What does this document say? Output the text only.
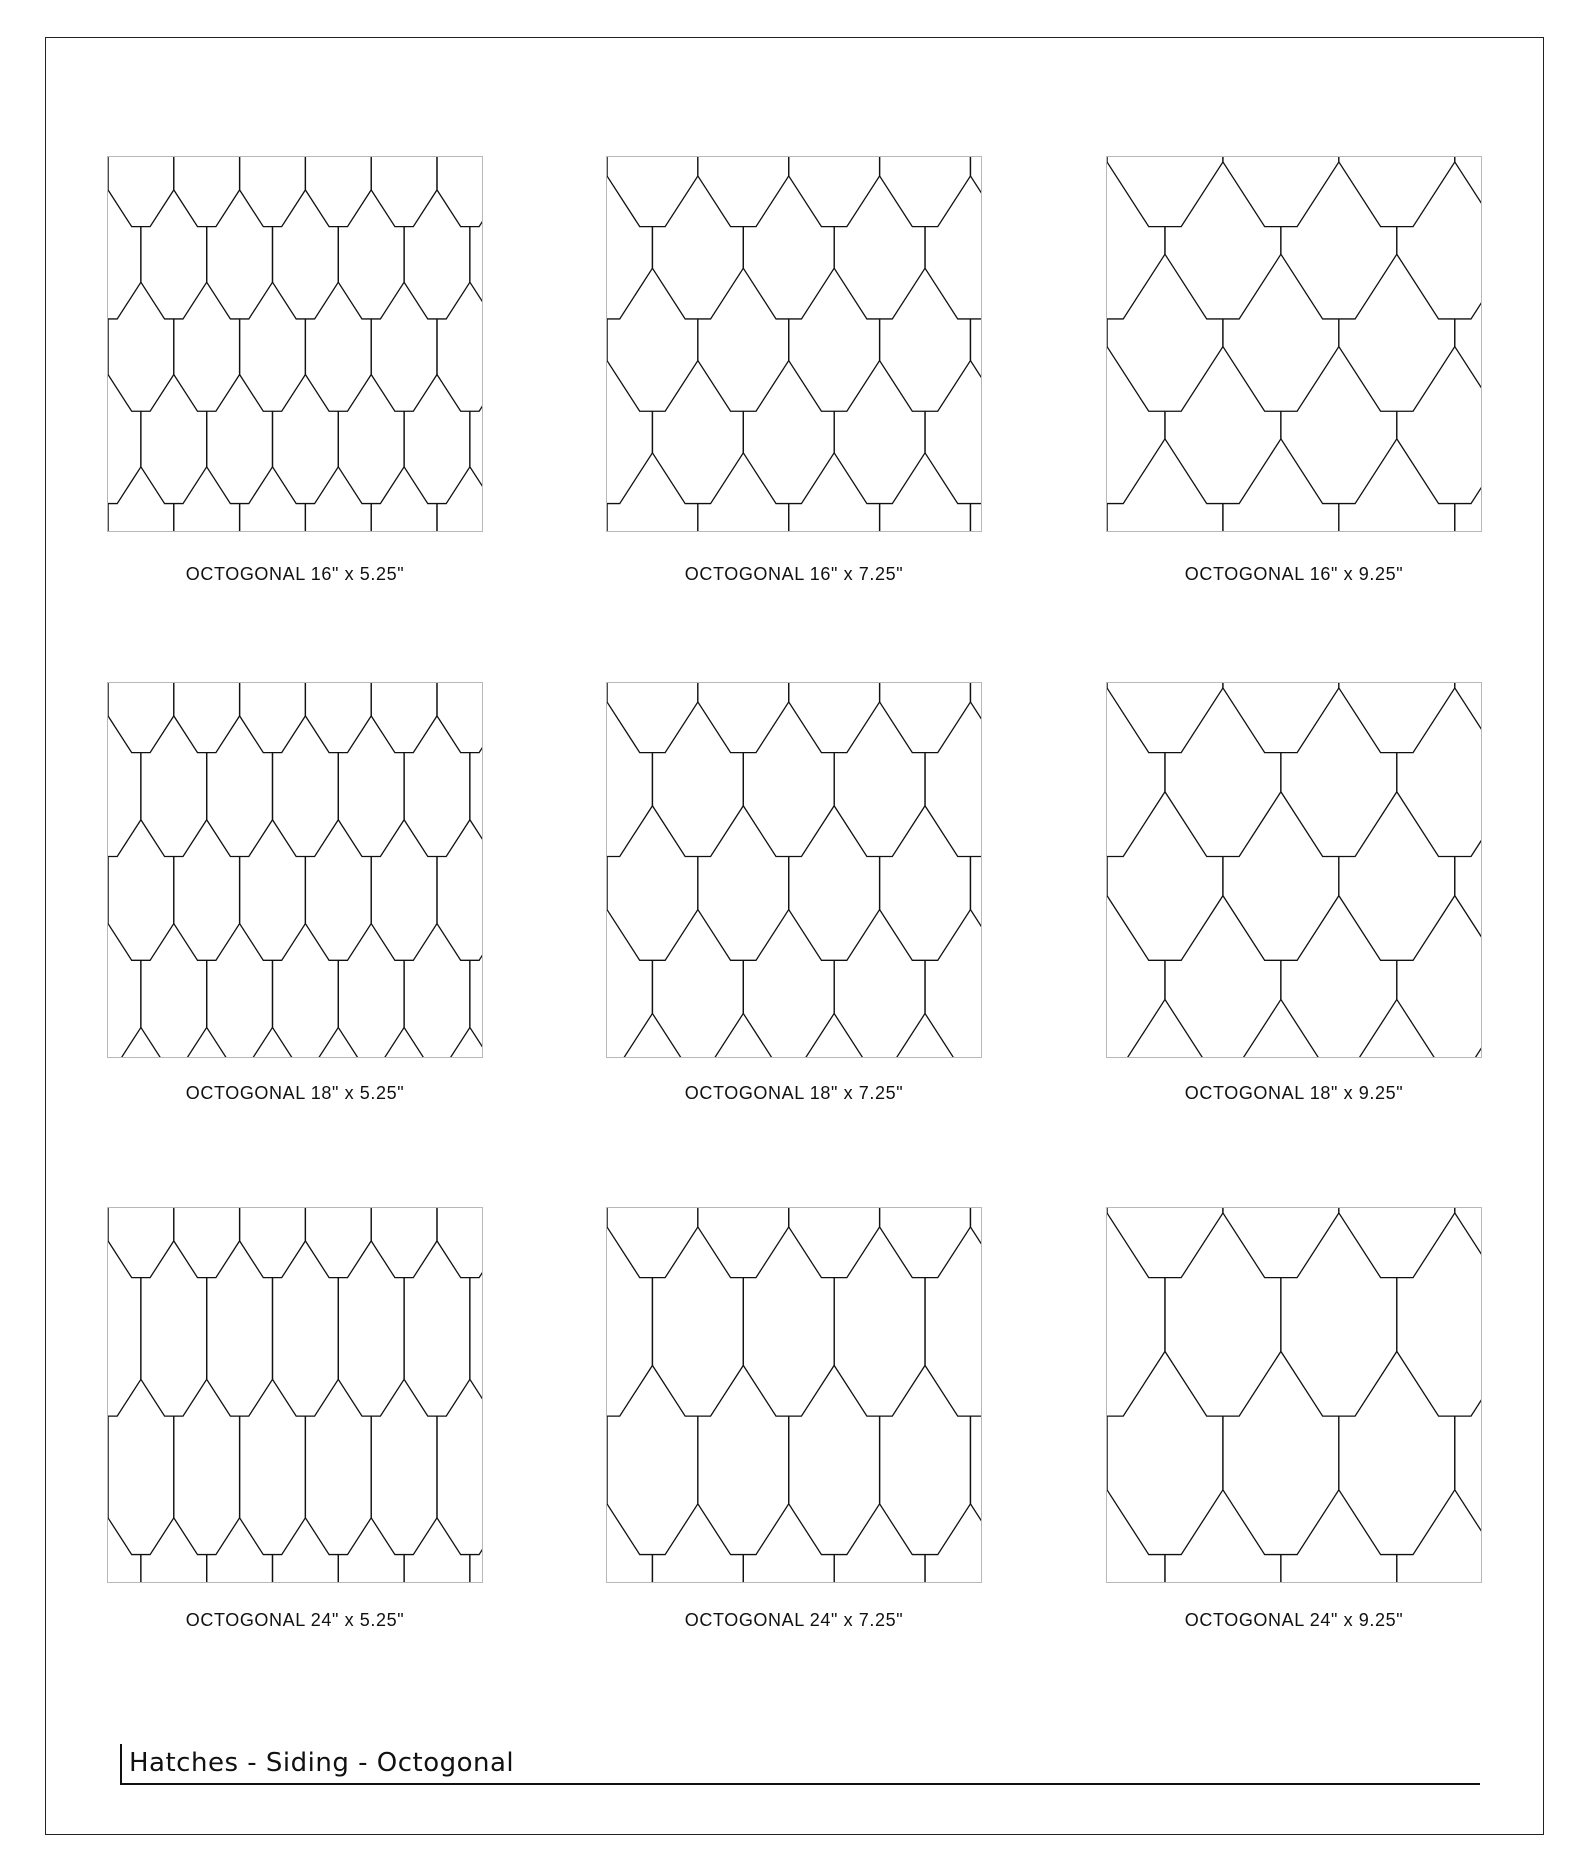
OCTOGONAL 16" x 5.25"	OCTOGONAL 16" x 7.25"	OCTOGONAL 16" x 9.25"
OCTOGONAL 18" x 5.25"	OCTOGONAL 18" x 7.25"	OCTOGONAL 18" x 9.25"
OCTOGONAL 24" x 5.25"	OCTOGONAL 24" x 7.25"	OCTOGONAL 24" x 9.25"
Hatches - Siding - Octogonal
